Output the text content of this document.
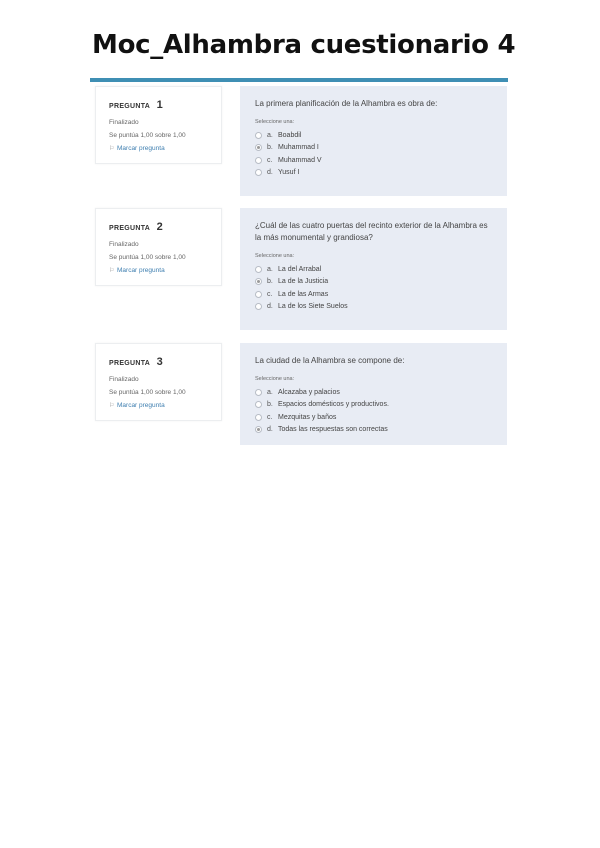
Moc_Alhambra cuestionario 4
PREGUNTA 1
Finalizado
Se puntúa 1,00 sobre 1,00
⚐ Marcar pregunta
La primera planificación de la Alhambra es obra de:
Seleccione una:
a. Boabdil
b. Muhammad I
c. Muhammad V
d. Yusuf I
PREGUNTA 2
Finalizado
Se puntúa 1,00 sobre 1,00
⚐ Marcar pregunta
¿Cuál de las cuatro puertas del recinto exterior de la Alhambra es la más monumental y grandiosa?
Seleccione una:
a. La del Arrabal
b. La de la Justicia
c. La de las Armas
d. La de los Siete Suelos
PREGUNTA 3
Finalizado
Se puntúa 1,00 sobre 1,00
⚐ Marcar pregunta
La ciudad de la Alhambra se compone de:
Seleccione una:
a. Alcazaba y palacios
b. Espacios domésticos y productivos.
c. Mezquitas y baños
d. Todas las respuestas son correctas
